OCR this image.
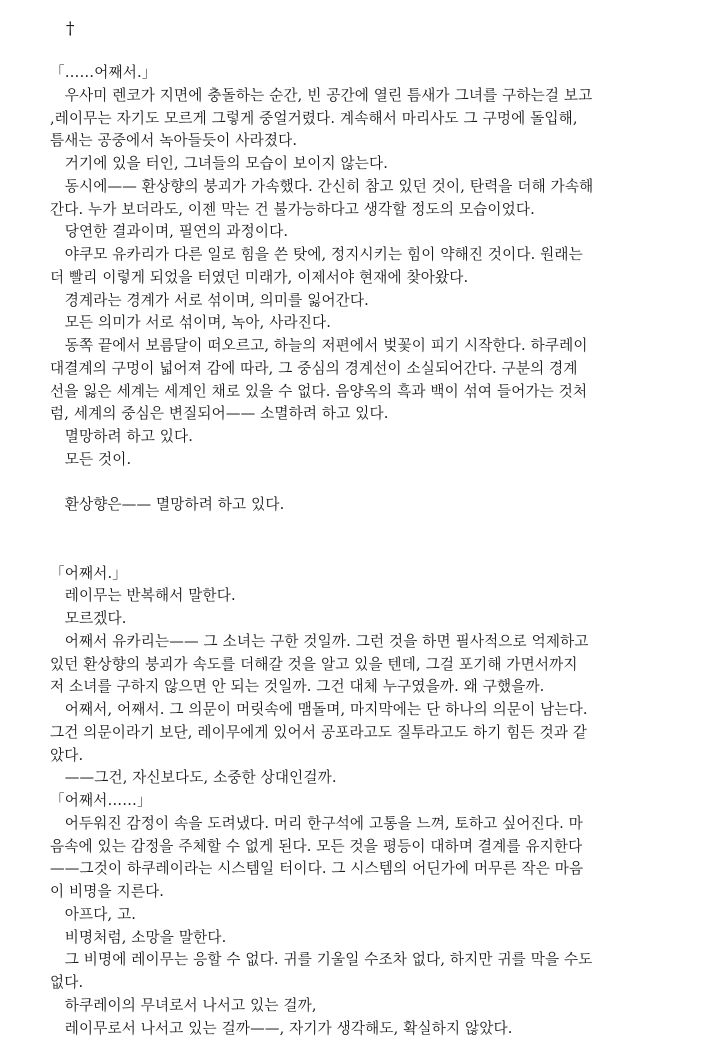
†
「……어째서.」
　우사미 렌코가 지면에 충돌하는 순간, 빈 공간에 열린 틈새가 그녀를 구하는걸 보고
,레이무는 자기도 모르게 그렇게 중얼거렸다. 계속해서 마리사도 그 구멍에 돌입해,
틈새는 공중에서 녹아들듯이 사라졌다.
　거기에 있을 터인, 그녀들의 모습이 보이지 않는다.
　동시에—— 환상향의 붕괴가 가속했다. 간신히 참고 있던 것이, 탄력을 더해 가속해
간다. 누가 보더라도, 이젠 막는 건 불가능하다고 생각할 정도의 모습이었다.
　당연한 결과이며, 필연의 과정이다.
　야쿠모 유카리가 다른 일로 힘을 쓴 탓에, 정지시키는 힘이 약해진 것이다. 원래는
더 빨리 이렇게 되었을 터였던 미래가, 이제서야 현재에 찾아왔다.
　경계라는 경계가 서로 섞이며, 의미를 잃어간다.
　모든 의미가 서로 섞이며, 녹아, 사라진다.
　동쪽 끝에서 보름달이 떠오르고, 하늘의 저편에서 벚꽃이 피기 시작한다. 하쿠레이
대결계의 구멍이 넓어져 감에 따라, 그 중심의 경계선이 소실되어간다. 구분의 경계
선을 잃은 세계는 세계인 채로 있을 수 없다. 음양옥의 흑과 백이 섞여 들어가는 것처
럼, 세계의 중심은 변질되어—— 소멸하려 하고 있다.
　멸망하려 하고 있다.
　모든 것이.
　환상향은—— 멸망하려 하고 있다.
「어째서.」
　레이무는 반복해서 말한다.
　모르겠다.
　어째서 유카리는—— 그 소녀는 구한 것일까. 그런 것을 하면 필사적으로 억제하고
있던 환상향의 붕괴가 속도를 더해갈 것을 알고 있을 텐데, 그걸 포기해 가면서까지
저 소녀를 구하지 않으면 안 되는 것일까. 그건 대체 누구였을까. 왜 구했을까.
　어째서, 어째서. 그 의문이 머릿속에 맴돌며, 마지막에는 단 하나의 의문이 남는다.
그건 의문이라기 보단, 레이무에게 있어서 공포라고도 질투라고도 하기 힘든 것과 같
았다.
　——그건, 자신보다도, 소중한 상대인걸까.
「어째서……」
　어두워진 감정이 속을 도려냈다. 머리 한구석에 고통을 느껴, 토하고 싶어진다. 마
음속에 있는 감정을 주체할 수 없게 된다. 모든 것을 평등이 대하며 결계를 유지한다
——그것이 하쿠레이라는 시스템일 터이다. 그 시스템의 어딘가에 머무른 작은 마음
이 비명을 지른다.
　아프다, 고.
　비명처럼, 소망을 말한다.
　그 비명에 레이무는 응할 수 없다. 귀를 기울일 수조차 없다, 하지만 귀를 막을 수도
없다.
　하쿠레이의 무녀로서 나서고 있는 걸까,
　레이무로서 나서고 있는 걸까——, 자기가 생각해도, 확실하지 않았다.
